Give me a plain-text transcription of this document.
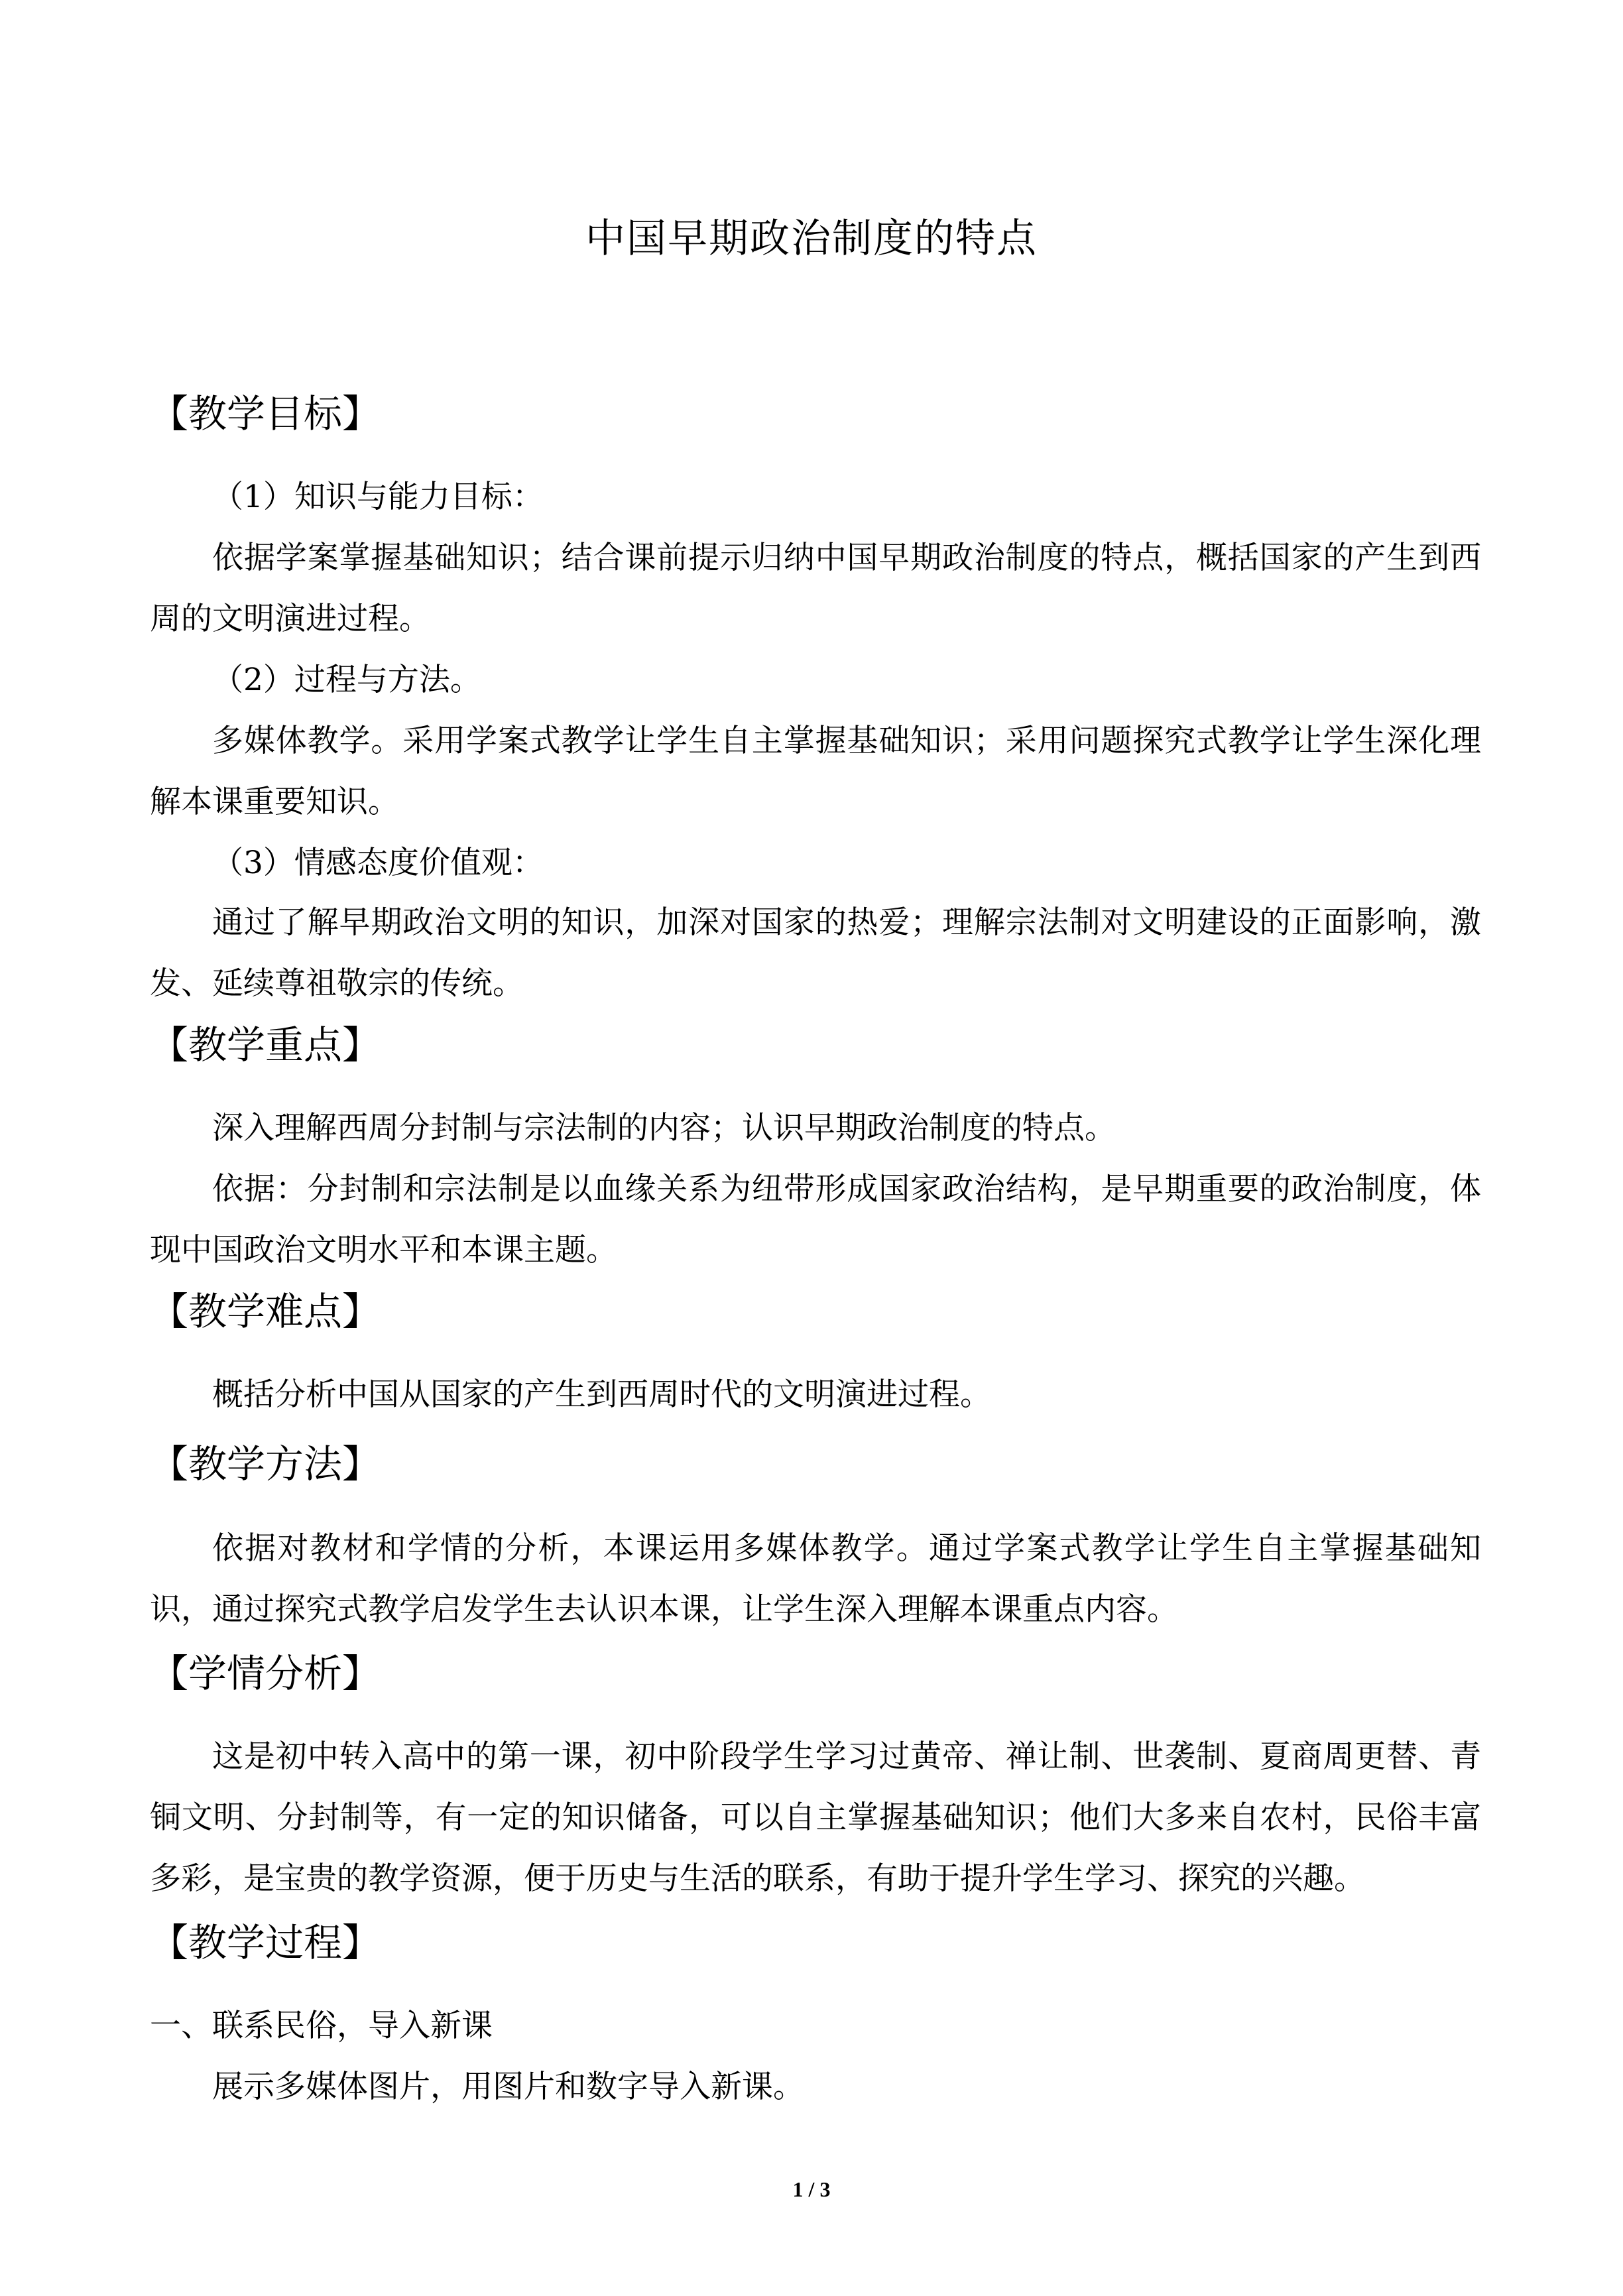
中国早期政治制度的特点
【教学目标】
（1）知识与能力目标：

依据学案掌握基础知识；结合课前提示归纳中国早期政治制度的特点，概括国家的产生到西周的文明演进过程。

（2）过程与方法。

多媒体教学。采用学案式教学让学生自主掌握基础知识；采用问题探究式教学让学生深化理解本课重要知识。

（3）情感态度价值观：

通过了解早期政治文明的知识，加深对国家的热爱；理解宗法制对文明建设的正面影响，激发、延续尊祖敬宗的传统。

【教学重点】

深入理解西周分封制与宗法制的内容；认识早期政治制度的特点。

依据：分封制和宗法制是以血缘关系为纽带形成国家政治结构，是早期重要的政治制度，体现中国政治文明水平和本课主题。

【教学难点】

概括分析中国从国家的产生到西周时代的文明演进过程。

【教学方法】

依据对教材和学情的分析，本课运用多媒体教学。通过学案式教学让学生自主掌握基础知识，通过探究式教学启发学生去认识本课，让学生深入理解本课重点内容。

【学情分析】

这是初中转入高中的第一课，初中阶段学生学习过黄帝、禅让制、世袭制、夏商周更替、青铜文明、分封制等，有一定的知识储备，可以自主掌握基础知识；他们大多来自农村，民俗丰富多彩，是宝贵的教学资源，便于历史与生活的联系，有助于提升学生学习、探究的兴趣。

【教学过程】

一、联系民俗，导入新课

展示多媒体图片，用图片和数字导入新课。

1 / 3
